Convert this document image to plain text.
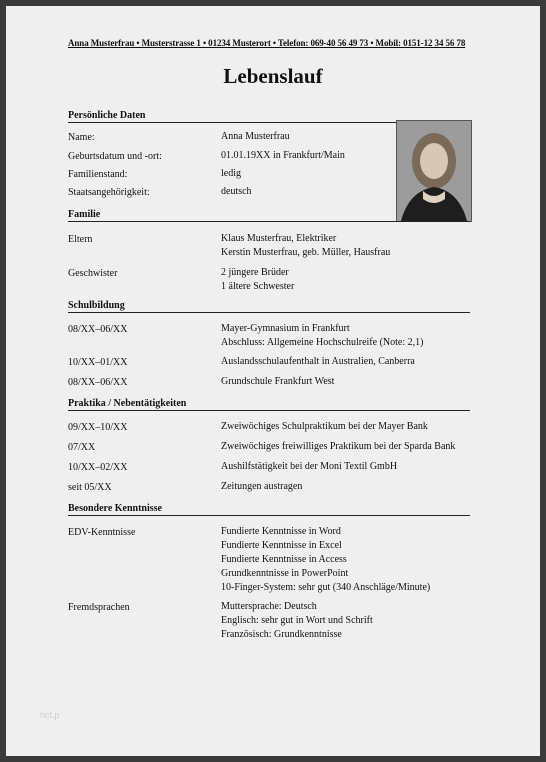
Anna Musterfrau • Musterstrasse 1 • 01234 Musterort • Telefon: 069-40 56 49 73 • Mobil: 0151-12 34 56 78
Lebenslauf
Persönliche Daten
Name:	Anna Musterfrau
Geburtsdatum und -ort:	01.01.19XX in Frankfurt/Main
Familienstand:	ledig
Staatsangehörigkeit:	deutsch
Familie
Eltern	Klaus Musterfrau, Elektriker
Kerstin Musterfrau, geb. Müller, Hausfrau
Geschwister	2 jüngere Brüder
1 ältere Schwester
Schulbildung
08/XX–06/XX	Mayer-Gymnasium in Frankfurt
Abschluss: Allgemeine Hochschulreife (Note: 2,1)
10/XX–01/XX	Auslandsschulaufenthalt in Australien, Canberra
08/XX–06/XX	Grundschule Frankfurt West
Praktika / Nebentätigkeiten
09/XX–10/XX	Zweiwöchiges Schulpraktikum bei der Mayer Bank
07/XX	Zweiwöchiges freiwilliges Praktikum bei der Sparda Bank
10/XX–02/XX	Aushilfstätigkeit bei der Moni Textil GmbH
seit 05/XX	Zeitungen austragen
Besondere Kenntnisse
EDV-Kenntnisse	Fundierte Kenntnisse in Word
Fundierte Kenntnisse in Excel
Fundierte Kenntnisse in Access
Grundkenntnisse in PowerPoint
10-Finger-System: sehr gut (340 Anschläge/Minute)
Fremdsprachen	Muttersprache: Deutsch
Englisch: sehr gut in Wort und Schrift
Französisch: Grundkenntnisse
hct.p
